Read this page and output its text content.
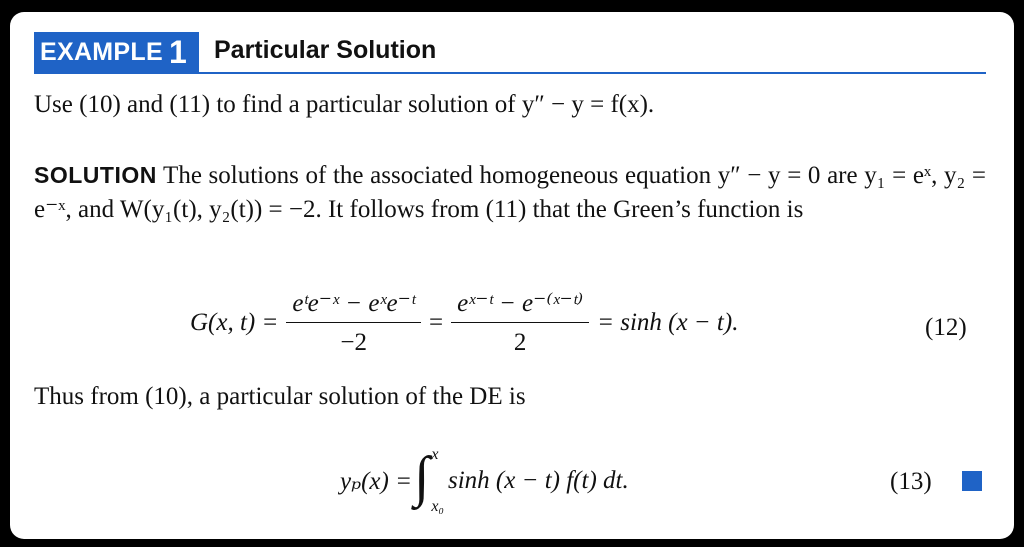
EXAMPLE 1 Particular Solution
Use (10) and (11) to find a particular solution of y″ − y = f(x).
SOLUTION The solutions of the associated homogeneous equation y″ − y = 0 are y₁ = eˣ, y₂ = e⁻ˣ, and W(y₁(t), y₂(t)) = −2. It follows from (11) that the Green’s function is
G(x, $t) = \frac{\text{eᵗe⁻ˣ − eˣe⁻ᵗ}}{-2} = \frac{\text{eˣ⁻ᵗ − e⁻⁽ˣ⁻ᵗ⁾}}{2} = \sinh (x - t)$.	(12)
Thus from (10), a particular solution of the DE is
yₚ(x) = ∫ x
x₀
sinh (x − t) f(t) dt.	(13)
